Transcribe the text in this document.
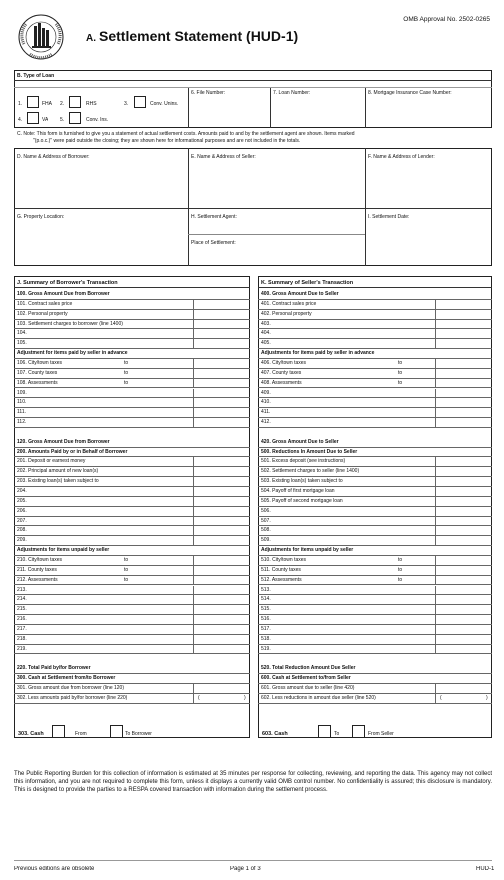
OMB Approval No. 2502-0265
A. Settlement Statement (HUD-1)
B. Type of Loan
6. File Number:	7. Loan Number:	8. Mortgage Insurance Case Number:
1.	FHA 2.	RHS	3.	Conv. Unins.
4.	VA 5.	Conv. Ins.
C. Note: This form is furnished to give you a statement of actual settlement costs. Amounts paid to and by the settlement agent are shown. Items marked
"(p.o.c.)" were paid outside the closing; they are shown here for informational purposes and are not included in the totals.
D. Name & Address of Borrower:	E. Name & Address of Seller:	F. Name & Address of Lender:
G. Property Location:	H. Settlement Agent:
Place of Settlement:
I. Settlement Date:
J. Summary of Borrower's Transaction	K. Summary of Seller's Transaction
100. Gross Amount Due from Borrower
101. Contract sales price
102. Personal property
103. Settlement charges to borrower (line 1400)
104.
105.
Adjustment for items paid by seller in advance
106. City/town taxes	to
107. County taxes	to
108. Assessments	to
109.
110.
111.
112.
120. Gross Amount Due from Borrower
200. Amounts Paid by or in Behalf of Borrower
201. Deposit or earnest money
202. Principal amount of new loan(s)
203. Existing loan(s) taken subject to
204.
205.
206.
207.
208.
209.
Adjustments for items unpaid by seller
210. City/town taxes	to
211. County taxes	to
212. Assessments	to
213.
214.
215.
216.
217.
218.
219.
220. Total Paid by/for Borrower
300. Cash at Settlement from/to Borrower
301. Gross amount due from borrower (line 120)
302. Less amounts paid by/for borrower (line 220)	(	)
400. Gross Amount Due to Seller
401. Contract sales price
402. Personal property
403.
404.
405.
Adjustments for items paid by seller in advance
406. City/town taxes	to
407. County taxes	to
408. Assessments	to
409.
410.
411.
412.
420. Gross Amount Due to Seller
500. Reductions In Amount Due to Seller
501. Excess deposit (see instructions)
502. Settlement charges to seller (line 1400)
503. Existing loan(s) taken subject to
504. Payoff of first mortgage loan
505. Payoff of second mortgage loan
506.
507.
508.
509.
Adjustments for items unpaid by seller
510. City/town taxes	to
511. County taxes	to
512. Assessments	to
513.
514.
515.
516.
517.
518.
519.
520. Total Reduction Amount Due Seller
600. Cash at Settlement to/from Seller
601. Gross amount due to seller (line 420)
602. Less reductions in amount due seller (line 520)	(	)
303. Cash	From	To Borrower	603. Cash	To	From Seller
The Public Reporting Burden for this collection of information is estimated at 35 minutes per response for collecting, reviewing, and reporting the data. This agency may not collect this information, and you are not required to complete this form, unless it displays a currently valid OMB control number. No confidentiality is assured; this disclosure is mandatory. This is designed to provide the parties to a RESPA covered transaction with information during the settlement process.
Previous editions are obsolete	Page 1 of 3	HUD-1
